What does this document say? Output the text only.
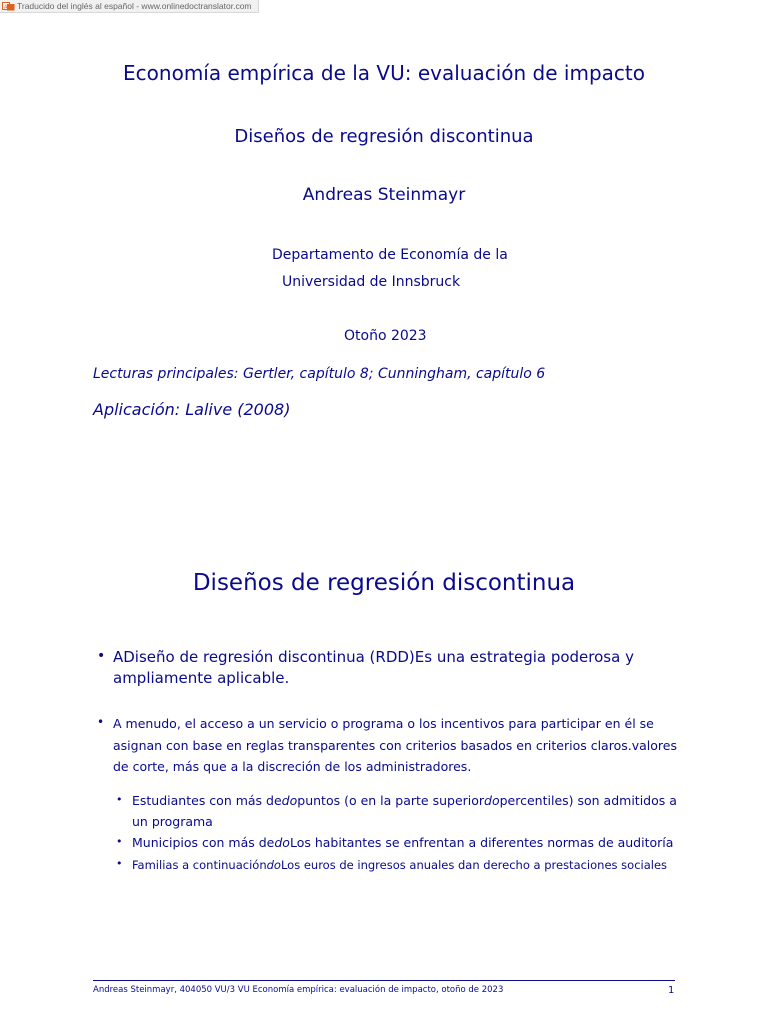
A Traducido del inglés al español - www.onlinedoctranslator.com
Economía empírica de la VU: evaluación de impacto
Diseños de regresión discontinua
Andreas Steinmayr
Departamento de Economía de la
Universidad de Innsbruck
Otoño 2023
Lecturas principales: Gertler, capítulo 8; Cunningham, capítulo 6
Aplicación: Lalive (2008)
Diseños de regresión discontinua
• ADiseño de regresión discontinua (RDD)Es una estrategia poderosa y ampliamente aplicable.
• A menudo, el acceso a un servicio o programa o los incentivos para participar en él se asignan con base en reglas transparentes con criterios basados en criterios claros.valores de corte, más que a la discreción de los administradores.
• Estudiantes con más dedopuntos (o en la parte superiordopercentiles) son admitidos a un programa
• Municipios con más dedoLos habitantes se enfrentan a diferentes normas de auditoría
• Familias a continuacióndoLos euros de ingresos anuales dan derecho a prestaciones sociales
Andreas Steinmayr, 404050 VU/3 VU Economía empírica: evaluación de impacto, otoño de 2023	1
